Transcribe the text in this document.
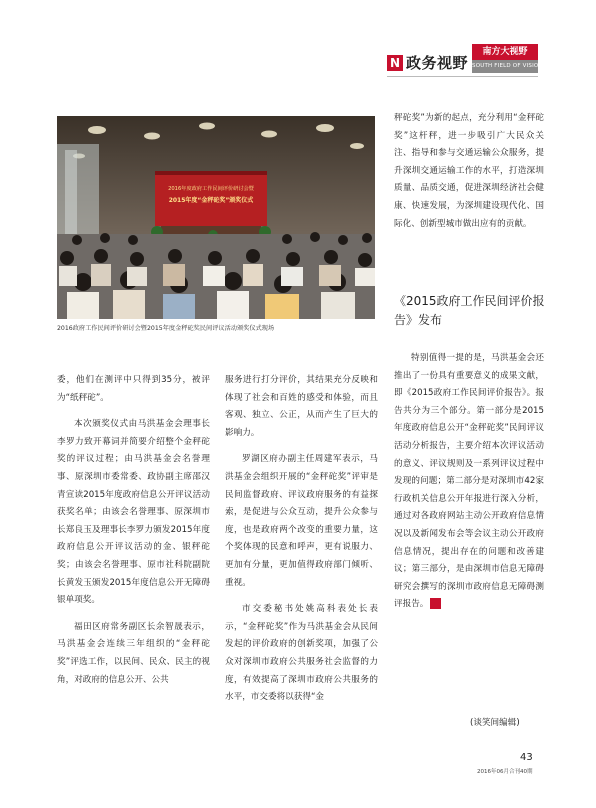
N 政务视野
南方大视野
SOUTH FIELD OF VISION
2016年度政府工作民间评价研讨会暨
2015年度“金秤砣奖”颁奖仪式
2016政府工作民间评价研讨会暨2015年度金秤砣奖民间评议活动颁奖仪式现场

委，他们在测评中只得到35分，被评为“纸秤砣”。

本次颁奖仪式由马洪基金会理事长李罗力致开幕词并简要介绍整个金秤砣奖的评议过程；由马洪基金会名誉理事、原深圳市委常委、政协副主席邵汉青宣读2015年度政府信息公开评议活动获奖名单；由该会名誉理事、原深圳市长郑良玉及理事长李罗力颁发2015年度政府信息公开评议活动的金、银秤砣奖；由该会名誉理事、原市社科院副院长黄发玉颁发2015年度信息公开无障碍银单项奖。

福田区府常务副区长余智晟表示，马洪基金会连续三年组织的“金秤砣奖”评选工作，以民间、民众、民主的视角，对政府的信息公开、公共

服务进行打分评价，其结果充分反映和体现了社会和百姓的感受和体验，而且客观、独立、公正，从而产生了巨大的影响力。

罗湖区府办副主任周建军表示，马洪基金会组织开展的“金秤砣奖”评审是民间监督政府、评议政府服务的有益探索，是促进与公众互动，提升公众参与度，也是政府两个改变的重要力量，这个奖体现的民意和呼声，更有说服力、更加有分量，更加值得政府部门倾听、重视。

市交委秘书处姚高科表处长表示，“金秤砣奖”作为马洪基金会从民间发起的评价政府的创新奖项，加强了公众对深圳市政府公共服务社会监督的力度，有效提高了深圳市政府公共服务的水平，市交委将以获得“金

秤砣奖”为新的起点，充分利用“金秤砣奖”这杆秤，进一步吸引广大民众关注、指导和参与交通运输公众服务，提升深圳交通运输工作的水平，打造深圳质量、品质交通，促进深圳经济社会健康、快速发展，为深圳建设现代化、国际化、创新型城市做出应有的贡献。

《2015政府工作民间评价报告》发布

特别值得一提的是，马洪基金会还推出了一份具有重要意义的成果文献，即《2015政府工作民间评价报告》。报告共分为三个部分。第一部分是2015年度政府信息公开“金秤砣奖”民间评议活动分析报告，主要介绍本次评议活动的意义、评议规则及一系列评议过程中发现的问题；第二部分是对深圳市42家行政机关信息公开年报进行深入分析，通过对各政府网站主动公开政府信息情况以及新闻发布会等会议主动公开政府信息情况，提出存在的问题和改善建议；第三部分，是由深圳市信息无障碍研究会撰写的深圳市政府信息无障碍测评报告。 N

(谈笑间编辑)
43
2016年06月合刊40期
